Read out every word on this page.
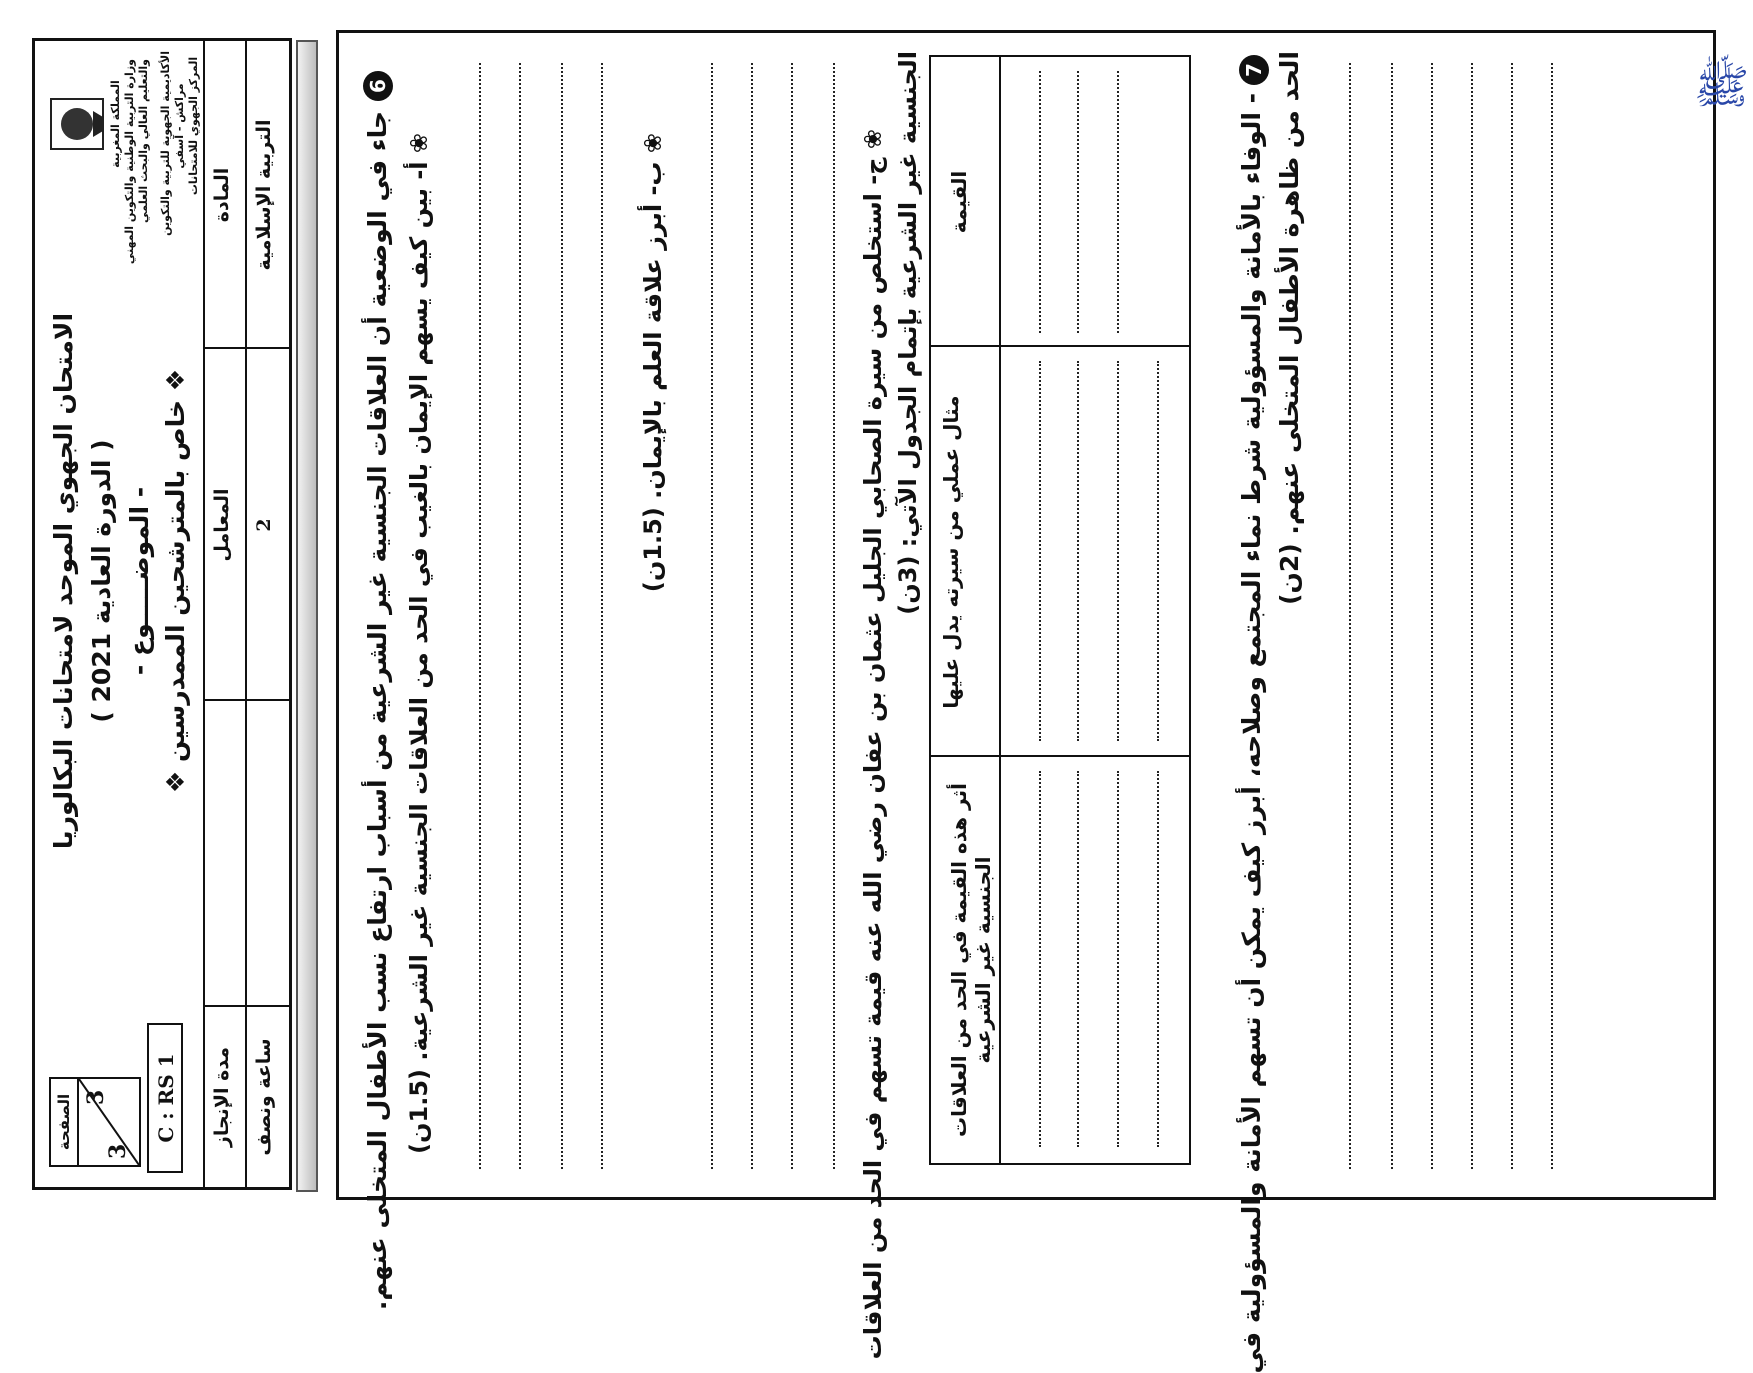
المملكة المغربية وزارة التربية الوطنية والتكوين المهني والتعليم العالي والبحث العلمي الأكاديمية الجهوية للتربية والتكوين مراكش - آسفي المركز الجهوي للامتحانات
الامتحان الجهوي الموحد لامتحانات البكالوريا ( الدورة العادية 2021 ) - الموضـــــوع - ❖ خاص بالمترشحين الممدرسين ❖
الصفحة
3
3	C : RS 1 مدة الإنجاز ساعة ونصف
المعامل 2
المادة التربية الإسلامية
6
جاء في الوضعية أن العلاقات الجنسية غير الشرعية من أسباب ارتفاع نسب الأطفال المتخلى عنهم. ❀ أ- بين كيف يسهم الإيمان بالغيب في الحد من العلاقات الجنسية غير الشرعية. (1.5ن)	❀ ب- أبرز علاقة العلم بالإيمان. (1.5ن)	❀ ج- استخلص من سيرة الصحابي الجليل عثمان بن عفان رضي الله عنه قيمة تسهم في الحد من العلاقات الجنسية غير الشرعية بإتمام الجدول الآتي: (3ن) القيمة
مثال عملي من سيرته يدل عليها
أثر هذه القيمة في الحد من العلاقات الجنسية غير الشرعية
7
- الوفاء بالأمانة والمسؤولية شرط نماء المجتمع وصلاحه، أبرز كيف يمكن أن تسهم الأمانة والمسؤولية في الحد من ظاهرة الأطفال المتخلى عنهم. (2ن)	ﷺ
